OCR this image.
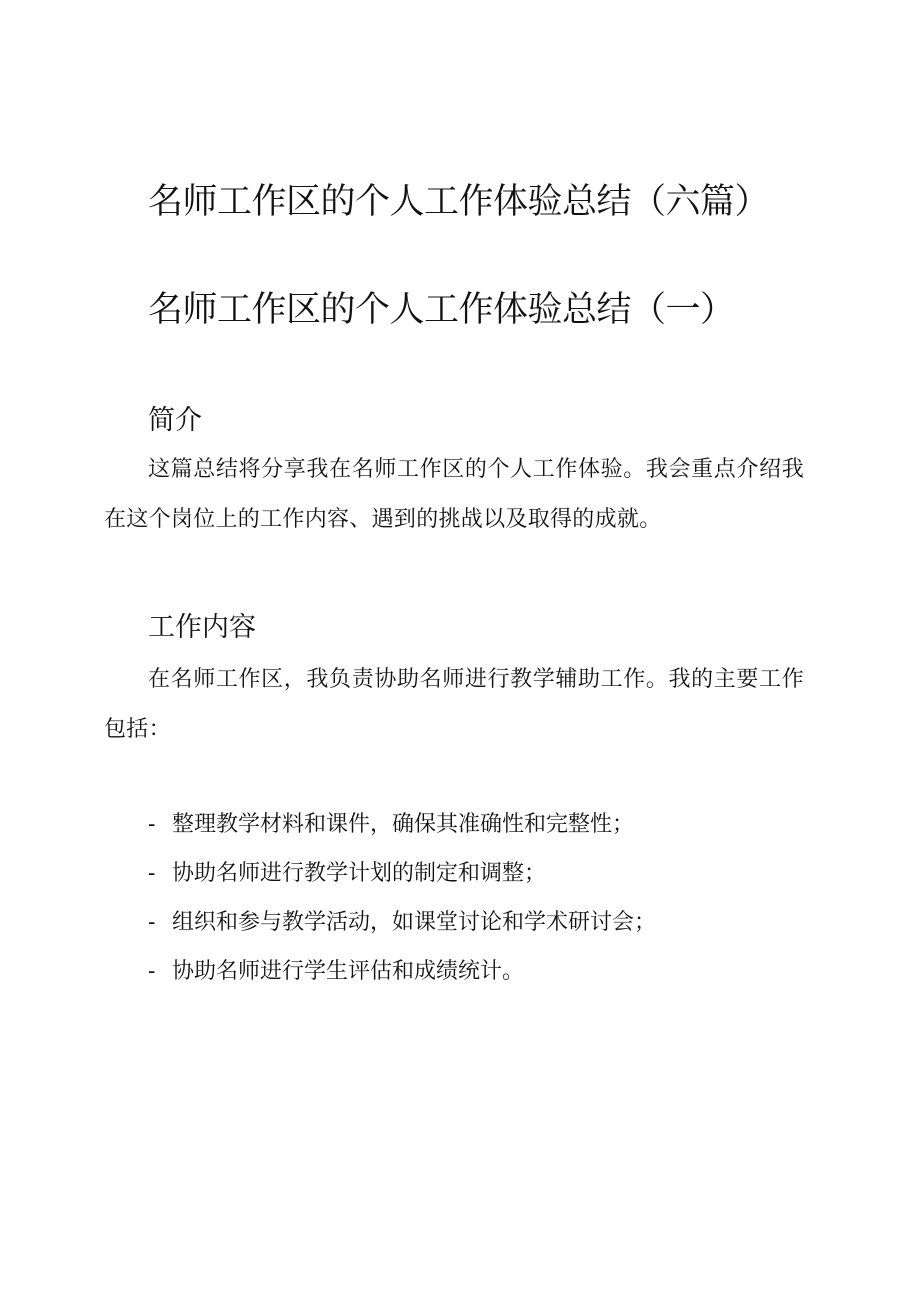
名师工作区的个人工作体验总结（六篇）
名师工作区的个人工作体验总结（一）
简介

这篇总结将分享我在名师工作区的个人工作体验。我会重点介绍我在这个岗位上的工作内容、遇到的挑战以及取得的成就。

工作内容

在名师工作区，我负责协助名师进行教学辅助工作。我的主要工作包括：

- 整理教学材料和课件，确保其准确性和完整性；
- 协助名师进行教学计划的制定和调整；
- 组织和参与教学活动，如课堂讨论和学术研讨会；
- 协助名师进行学生评估和成绩统计。
